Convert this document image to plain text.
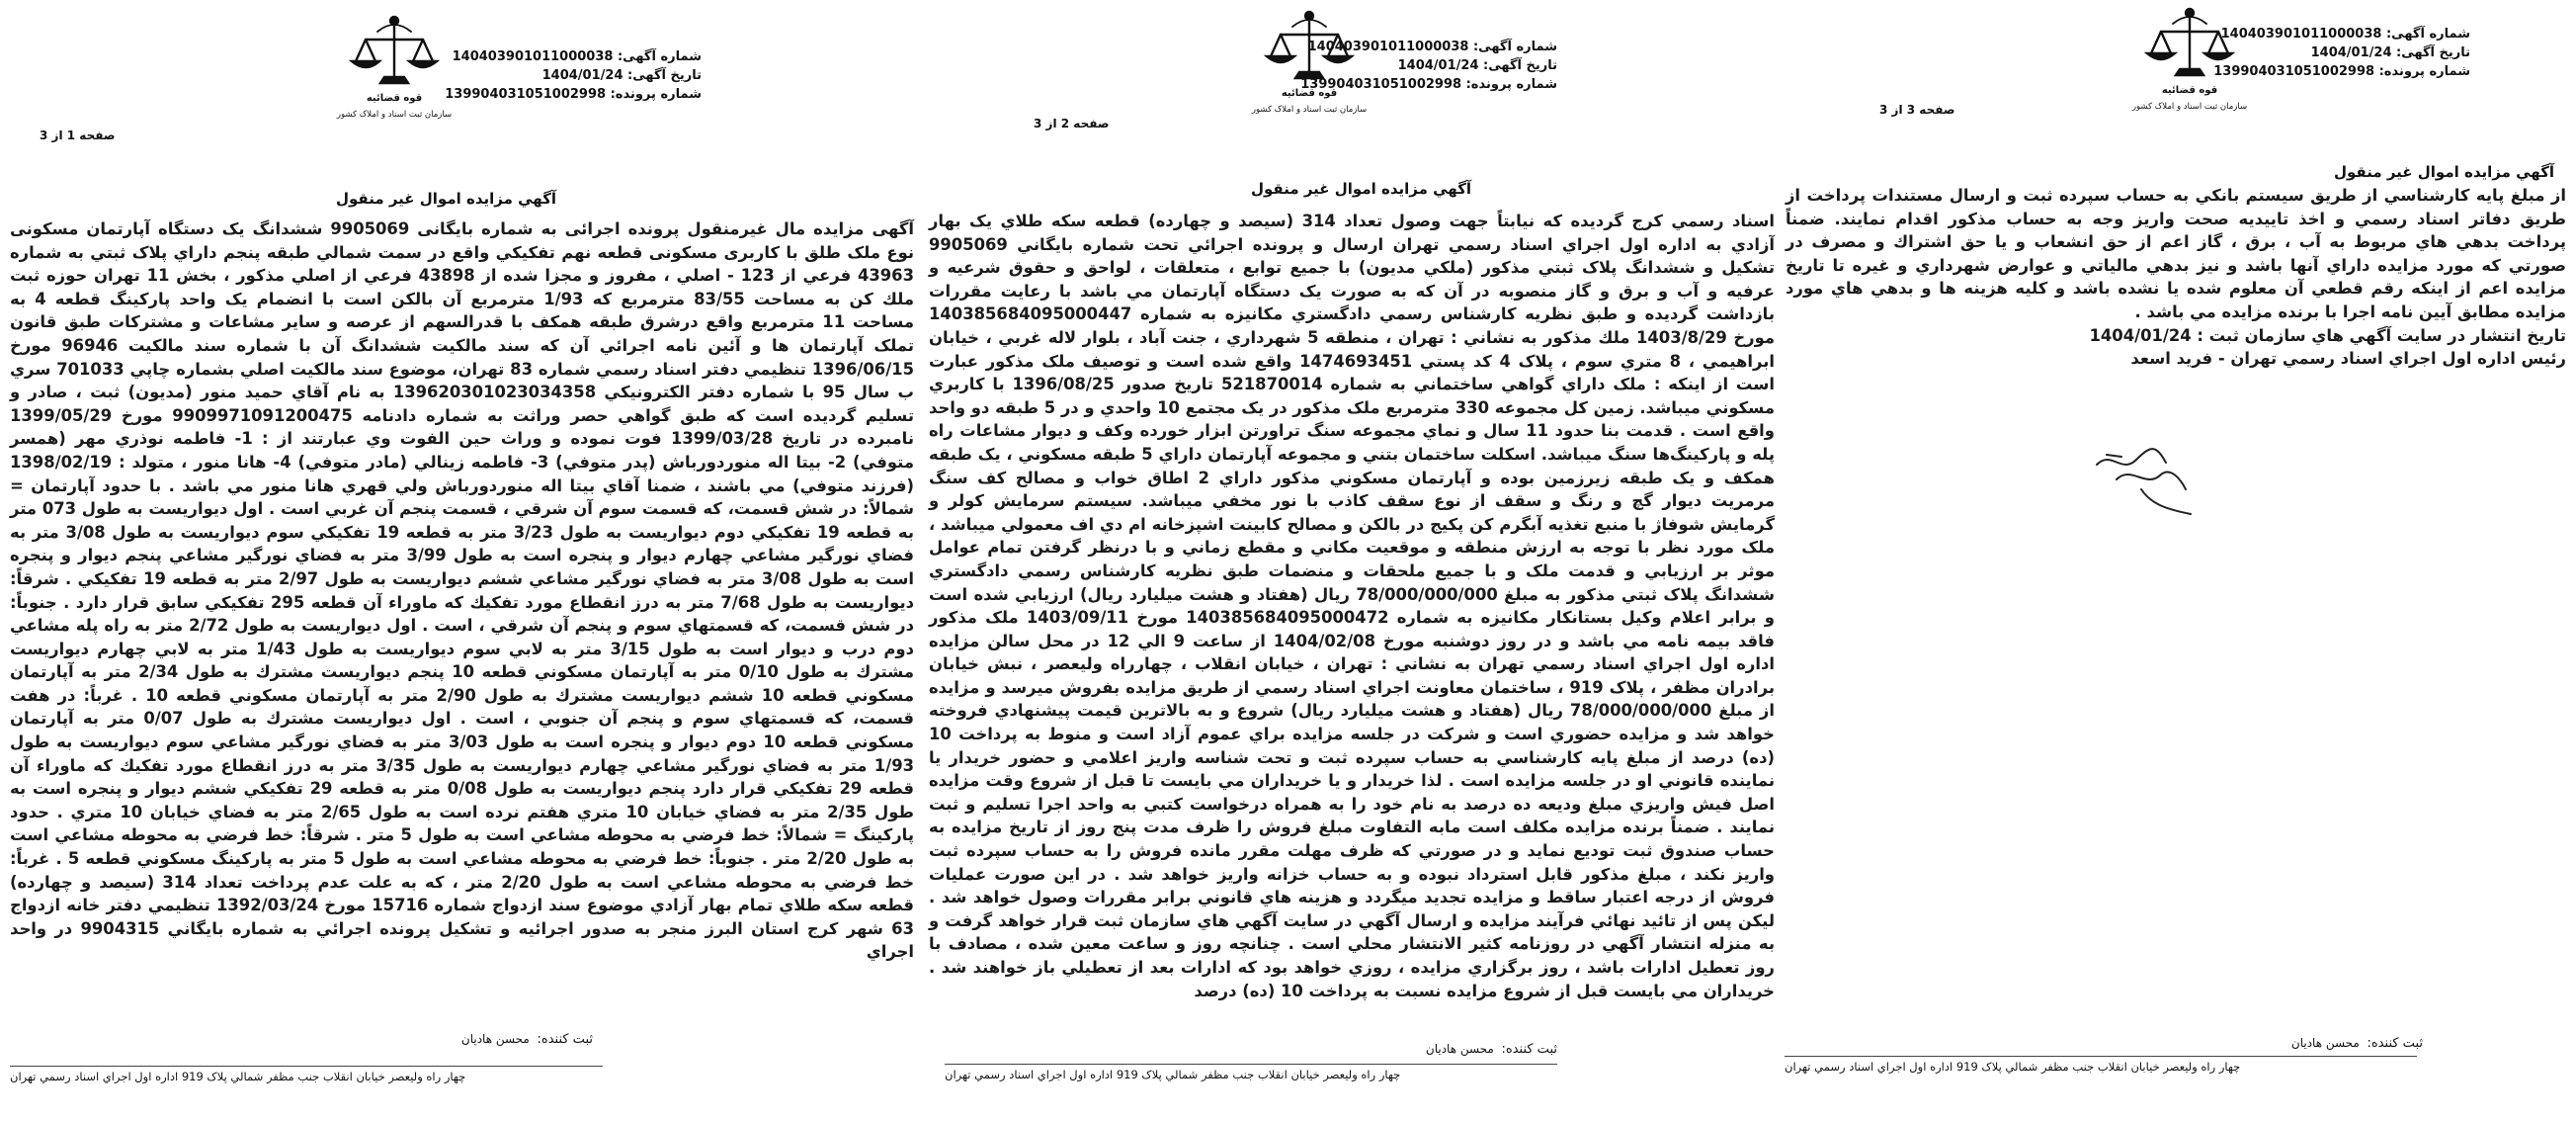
صفحه 1 از 3
قوه قضائيه
سازمان ثبت اسناد و املاک کشور
شماره آگهی: 140403901011000038
تاریخ آگهی: 1404/01/24
شماره پرونده: 139904031051002998
آگهي مزايده اموال غير منقول
آگهی مزايده مال غيرمنقول پرونده اجرائی به شماره بايگانی 9905069 ششدانگ يک دستگاه آپارتمان مسكونی نوع ملک طلق با کاربری مسكونی قطعه نهم تفکيکي واقع در سمت شمالي طبقه پنجم داراي پلاک ثبتي به شماره 43963 فرعي از 123 - اصلي ، مفروز و مجزا شده از 43898 فرعي از اصلي مذکور ، بخش 11 تهران حوزه ثبت ملك كن به مساحت 83/55 مترمربع كه 1/93 مترمربع آن بالكن است با انضمام يک واحد پارکينگ قطعه 4 به مساحت 11 مترمربع واقع درشرق طبقه همکف با قدرالسهم از عرصه و ساير مشاعات و مشترکات طبق قانون تملک آپارتمان ها و آئين نامه اجرائي آن که سند مالکيت ششدانگ آن با شماره سند مالکيت 96946 مورخ 1396/06/15 تنظيمي دفتر اسناد رسمي شماره 83 تهران، موضوع سند مالکيت اصلي بشماره چاپي 701033 سري ب سال 95 با شماره دفتر الکترونيکي 139620301023034358 به نام آقاي حميد منور (مديون) ثبت ، صادر و تسليم گرديده است كه طبق گواهي حصر وراثت به شماره دادنامه 9909971091200475 مورخ 1399/05/29 نامبرده در تاريخ 1399/03/28 فوت نموده و وراث حين الفوت وي عبارتند از : 1- فاطمه نوذري مهر (همسر متوفي) 2- بيتا اله منوردورباش (پدر متوفي) 3- فاطمه زينالي (مادر متوفي) 4- هانا منور ، متولد : 1398/02/19 (فرزند متوفي) مي باشند ، ضمنا آقاي بيتا اله منوردورباش ولي قهري هانا منور مي باشد . با حدود آپارتمان = شمالاً: در شش قسمت، كه قسمت سوم آن شرقي ، قسمت پنجم آن غربي است . اول ديواريست به طول 073 متر به قطعه 19 تفكيكي دوم ديواريست به طول 3/23 متر به قطعه 19 تفكيكي سوم ديواريست به طول 3/08 متر به فضاي نورگير مشاعي چهارم ديوار و پنجره است به طول 3/99 متر به فضاي نورگير مشاعي پنجم ديوار و پنجره است به طول 3/08 متر به فضاي نورگير مشاعي ششم ديواريست به طول 2/97 متر به قطعه 19 تفكيكي . شرقاً: ديواريست به طول 7/68 متر به درز انقطاع مورد تفكيك كه ماوراء آن قطعه 295 تفكيكي سابق قرار دارد . جنوباً: در شش قسمت، كه قسمتهاي سوم و پنجم آن شرقي ، است . اول ديواريست به طول 2/72 متر به راه پله مشاعي دوم درب و ديوار است به طول 3/15 متر به لابي سوم ديواريست به طول 1/43 متر به لابي چهارم ديواريست مشترك به طول 0/10 متر به آپارتمان مسكوني قطعه 10 پنجم ديواريست مشترك به طول 2/34 متر به آپارتمان مسكوني قطعه 10 ششم ديواريست مشترك به طول 2/90 متر به آپارتمان مسكوني قطعه 10 . غرباً: در هفت قسمت، كه قسمتهاي سوم و پنجم آن جنوبي ، است . اول ديواريست مشترك به طول 0/07 متر به آپارتمان مسكوني قطعه 10 دوم ديوار و پنجره است به طول 3/03 متر به فضاي نورگير مشاعي سوم ديواريست به طول 1/93 متر به فضاي نورگير مشاعي چهارم ديواريست به طول 3/35 متر به درز انقطاع مورد تفكيك كه ماوراء آن قطعه 29 تفكيكي قرار دارد پنجم ديواريست به طول 0/08 متر به قطعه 29 تفكيكي ششم ديوار و پنجره است به طول 2/35 متر به فضاي خيابان 10 متري هفتم نرده است به طول 2/65 متر به فضاي خيابان 10 متري . حدود پاركينگ = شمالاً: خط فرضي به محوطه مشاعي است به طول 5 متر . شرقاً: خط فرضي به محوطه مشاعي است به طول 2/20 متر . جنوباً: خط فرضي به محوطه مشاعي است به طول 5 متر به پاركينگ مسكوني قطعه 5 . غرباً: خط فرضي به محوطه مشاعي است به طول 2/20 متر ، كه به علت عدم پرداخت تعداد 314 (سيصد و چهارده) قطعه سكه طلاي تمام بهار آزادي موضوع سند ازدواج شماره 15716 مورخ 1392/03/24 تنظيمي دفتر خانه ازدواج 63 شهر كرج استان البرز منجر به صدور اجرائيه و تشكيل پرونده اجرائي به شماره بايگاني 9904315 در واحد اجراي
ثبت کننده:  محسن هاديان
چهار راه وليعصر خيابان انقلاب جنب مظفر شمالي پلاک 919 اداره اول اجراي اسناد رسمي تهران
صفحه 2 از 3
قوه قضائيه
سازمان ثبت اسناد و املاک کشور
شماره آگهی: 140403901011000038
تاریخ آگهی: 1404/01/24
شماره پرونده: 139904031051002998
آگهي مزايده اموال غير منقول
اسناد رسمي كرج گرديده كه نيابتاً جهت وصول تعداد 314 (سيصد و چهارده) قطعه سكه طلاي يک بهار آزادي به اداره اول اجراي اسناد رسمي تهران ارسال و پرونده اجرائي تحت شماره بايگاني 9905069 تشكيل و ششدانگ پلاک ثبتي مذكور (ملكي مديون) با جميع توابع ، متعلقات ، لواحق و حقوق شرعيه و عرفيه و آب و برق و گاز منصوبه در آن كه به صورت يک دستگاه آپارتمان مي باشد با رعايت مقررات بازداشت گرديده و طبق نظريه كارشناس رسمي دادگستري مكانيزه به شماره 140385684095000447 مورخ 1403/8/29 ملك مذكور به نشاني : تهران ، منطقه 5 شهرداري ، جنت آباد ، بلوار لاله غربي ، خيابان ابراهيمي ، 8 متري سوم ، پلاک 4 كد پستي 1474693451 واقع شده است و توصيف ملک مذكور عبارت است از اينكه : ملک داراي گواهي ساختماني به شماره 521870014 تاريخ صدور 1396/08/25 با كاربري مسكوني ميباشد. زمين كل مجموعه 330 مترمربع ملک مذكور در يک مجتمع 10 واحدي و در 5 طبقه دو واحد واقع است . قدمت بنا حدود 11 سال و نماي مجموعه سنگ تراورتن ابزار خورده وكف و ديوار مشاعات راه پله و پاركينگ‌ها سنگ ميباشد. اسكلت ساختمان بتني و مجموعه آپارتمان داراي 5 طبقه مسكوني ، يک طبقه همكف و يک طبقه زيرزمين بوده و آپارتمان مسكوني مذكور داراي 2 اطاق خواب و مصالح كف سنگ مرمريت ديوار گچ و رنگ و سقف از نوع سقف كاذب با نور مخفي ميباشد. سيستم سرمايش كولر و گرمايش شوفاژ با منبع تغذيه آبگرم كن پكيج در بالكن و مصالح كابينت اشپزخانه ام دي اف معمولي ميباشد ، ملک مورد نظر با توجه به ارزش منطقه و موقعيت مكاني و مقطع زماني و با درنظر گرفتن تمام عوامل موثر بر ارزيابي و قدمت ملک و با جميع ملحقات و منضمات طبق نظريه كارشناس رسمي دادگستري ششدانگ پلاک ثبتي مذكور به مبلغ 78/000/000/000 ريال (هفتاد و هشت ميليارد ريال) ارزيابي شده است و برابر اعلام وكيل بستانكار مكانيزه به شماره 140385684095000472 مورخ 1403/09/11 ملک مذكور فاقد بيمه نامه مي باشد و در روز دوشنبه مورخ 1404/02/08 از ساعت 9 الي 12 در محل سالن مزايده اداره اول اجراي اسناد رسمي تهران به نشاني : تهران ، خيابان انقلاب ، چهارراه وليعصر ، نبش خيابان برادران مظفر ، پلاک 919 ، ساختمان معاونت اجراي اسناد رسمي از طريق مزايده بفروش ميرسد و مزايده از مبلغ 78/000/000/000 ريال (هفتاد و هشت ميليارد ريال) شروع و به بالاترين قيمت پيشنهادي فروخته خواهد شد و مزايده حضوري است و شركت در جلسه مزايده براي عموم آزاد است و منوط به پرداخت 10 (ده) درصد از مبلغ پايه كارشناسي به حساب سپرده ثبت و تحت شناسه واريز اعلامي و حضور خريدار يا نماينده قانوني او در جلسه مزايده است . لذا خريدار و يا خريداران مي بايست تا قبل از شروع وقت مزايده اصل فيش واريزي مبلغ وديعه ده درصد به نام خود را به همراه درخواست كتبي به واحد اجرا تسليم و ثبت نمايند . ضمناً برنده مزايده مكلف است مابه التفاوت مبلغ فروش را ظرف مدت پنج روز از تاريخ مزايده به حساب صندوق ثبت توديع نمايد و در صورتي كه ظرف مهلت مقرر مانده فروش را به حساب سپرده ثبت واريز نكند ، مبلغ مذكور قابل استرداد نبوده و به حساب خزانه واريز خواهد شد . در اين صورت عمليات فروش از درجه اعتبار ساقط و مزايده تجديد ميگردد و هزينه هاي قانوني برابر مقررات وصول خواهد شد . ليكن پس از تائيد نهائي فرآيند مزايده و ارسال آگهي در سايت آگهي هاي سازمان ثبت قرار خواهد گرفت و به منزله انتشار آگهي در روزنامه كثير الانتشار محلي است . چنانچه روز و ساعت معين شده ، مصادف با روز تعطيل ادارات باشد ، روز برگزاري مزايده ، روزي خواهد بود كه ادارات بعد از تعطيلي باز خواهند شد . خريداران مي بايست قبل از شروع مزايده نسبت به پرداخت 10 (ده) درصد
ثبت کننده:  محسن هاديان
چهار راه وليعصر خيابان انقلاب جنب مظفر شمالي پلاک 919 اداره اول اجراي اسناد رسمي تهران
صفحه 3 از 3
قوه قضائيه
سازمان ثبت اسناد و املاک کشور
شماره آگهی: 140403901011000038
تاریخ آگهی: 1404/01/24
شماره پرونده: 139904031051002998
آگهي مزايده اموال غير منقول
از مبلغ پايه كارشناسي از طريق سيستم بانكي به حساب سپرده ثبت و ارسال مستندات پرداخت از طريق دفاتر اسناد رسمي و اخذ تاييديه صحت واريز وجه به حساب مذكور اقدام نمايند. ضمناً پرداخت بدهي هاي مربوط به آب ، برق ، گاز اعم از حق انشعاب و يا حق اشتراك و مصرف در صورتي كه مورد مزايده داراي آنها باشد و نيز بدهي مالياتي و عوارض شهرداري و غيره تا تاريخ مزايده اعم از اينكه رقم قطعي آن معلوم شده يا نشده باشد و كليه هزينه ها و بدهي هاي مورد مزايده مطابق آيين نامه اجرا با برنده مزايده مي باشد .
تاريخ انتشار در سايت آگهي هاي سازمان ثبت : 1404/01/24
رئيس اداره اول اجراي اسناد رسمي تهران - فريد اسعد
ثبت کننده:  محسن هاديان
چهار راه وليعصر خيابان انقلاب جنب مظفر شمالي پلاک 919 اداره اول اجراي اسناد رسمي تهران
